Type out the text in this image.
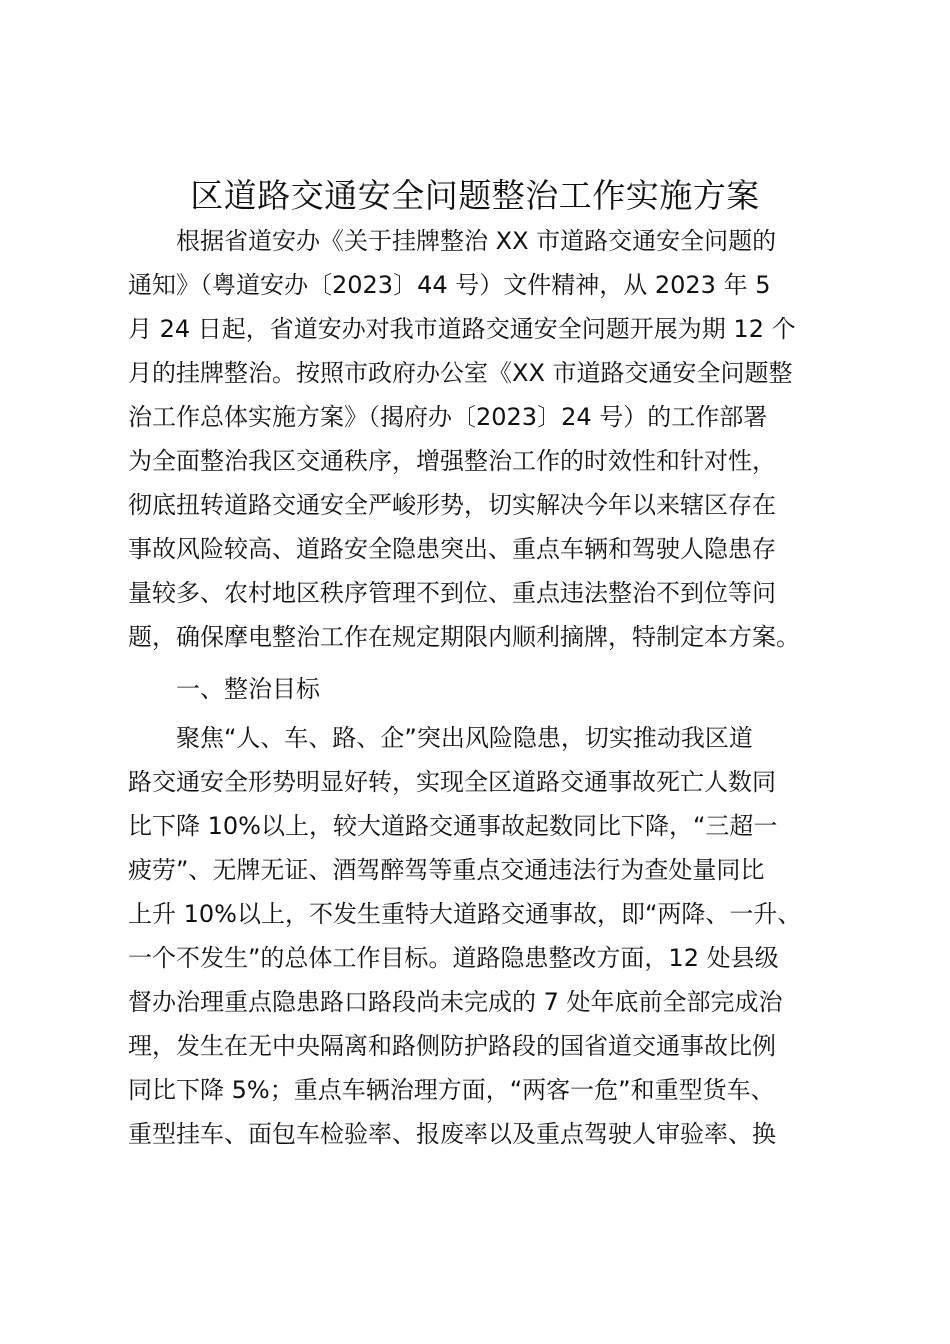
区道路交通安全问题整治工作实施方案
根据省道安办《关于挂牌整治 XX 市道路交通安全问题的
通知》（粤道安办〔2023〕44 号）文件精神，从 2023 年 5
月 24 日起，省道安办对我市道路交通安全问题开展为期 12 个
月的挂牌整治。按照市政府办公室《XX 市道路交通安全问题整
治工作总体实施方案》（揭府办〔2023〕24 号）的工作部署
为全面整治我区交通秩序，增强整治工作的时效性和针对性，
彻底扭转道路交通安全严峻形势，切实解决今年以来辖区存在
事故风险较高、道路安全隐患突出、重点车辆和驾驶人隐患存
量较多、农村地区秩序管理不到位、重点违法整治不到位等问
题，确保摩电整治工作在规定期限内顺利摘牌，特制定本方案。
一、整治目标
聚焦“人、车、路、企”突出风险隐患，切实推动我区道
路交通安全形势明显好转，实现全区道路交通事故死亡人数同
比下降 10%以上，较大道路交通事故起数同比下降，“三超一
疲劳”、无牌无证、酒驾醉驾等重点交通违法行为查处量同比
上升 10%以上，不发生重特大道路交通事故，即“两降、一升、
一个不发生”的总体工作目标。道路隐患整改方面，12 处县级
督办治理重点隐患路口路段尚未完成的 7 处年底前全部完成治
理，发生在无中央隔离和路侧防护路段的国省道交通事故比例
同比下降 5%；重点车辆治理方面，“两客一危”和重型货车、
重型挂车、面包车检验率、报废率以及重点驾驶人审验率、换
